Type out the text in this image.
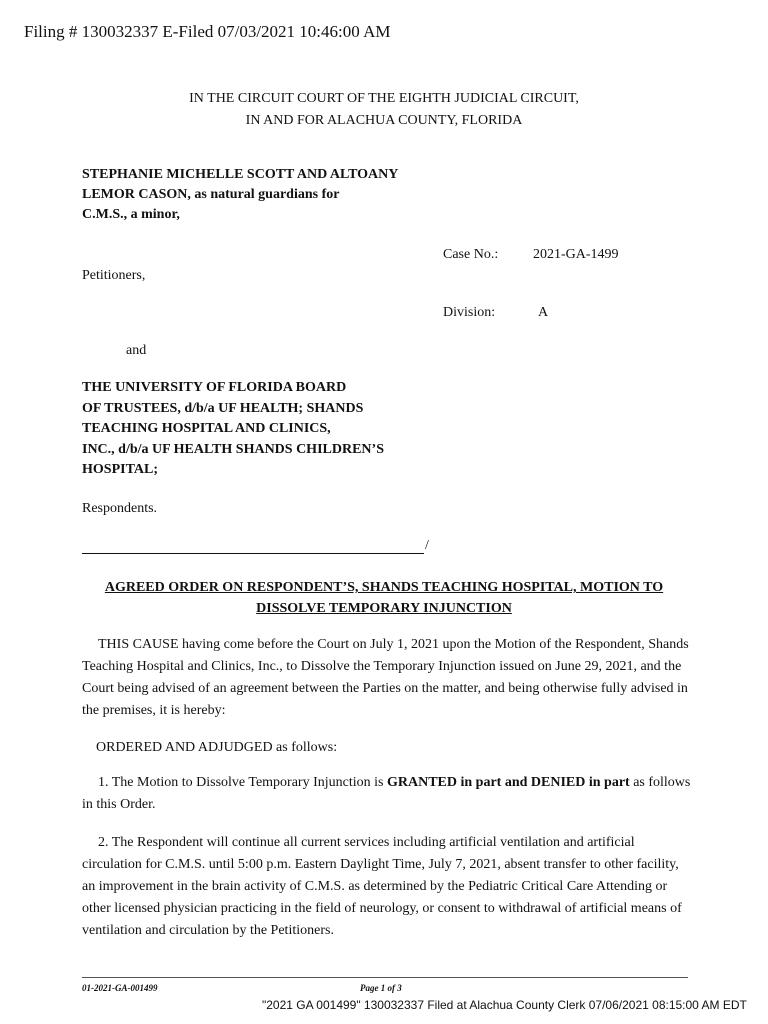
Filing # 130032337 E-Filed 07/03/2021 10:46:00 AM
IN THE CIRCUIT COURT OF THE EIGHTH JUDICIAL CIRCUIT,
IN AND FOR ALACHUA COUNTY, FLORIDA
STEPHANIE MICHELLE SCOTT AND ALTOANY
LEMOR CASON, as natural guardians for
C.M.S., a minor,
Case No.: 2021-GA-1499
Petitioners,
Division:	A
and
THE UNIVERSITY OF FLORIDA BOARD
OF TRUSTEES, d/b/a UF HEALTH; SHANDS
TEACHING HOSPITAL AND CLINICS,
INC., d/b/a UF HEALTH SHANDS CHILDREN’S
HOSPITAL;
Respondents.
/
AGREED ORDER ON RESPONDENT’S, SHANDS TEACHING HOSPITAL, MOTION TO
DISSOLVE TEMPORARY INJUNCTION
THIS CAUSE having come before the Court on July 1, 2021 upon the Motion of the Respondent, Shands Teaching Hospital and Clinics, Inc., to Dissolve the Temporary Injunction issued on June 29, 2021, and the Court being advised of an agreement between the Parties on the matter, and being otherwise fully advised in the premises, it is hereby:
ORDERED AND ADJUDGED as follows:
1. The Motion to Dissolve Temporary Injunction is GRANTED in part and DENIED in part as follows in this Order.
2. The Respondent will continue all current services including artificial ventilation and artificial circulation for C.M.S. until 5:00 p.m. Eastern Daylight Time, July 7, 2021, absent transfer to other facility, an improvement in the brain activity of C.M.S. as determined by the Pediatric Critical Care Attending or other licensed physician practicing in the field of neurology, or consent to withdrawal of artificial means of ventilation and circulation by the Petitioners.
01-2021-GA-001499	Page 1 of 3
"2021 GA 001499" 130032337 Filed at Alachua County Clerk 07/06/2021 08:15:00 AM EDT
